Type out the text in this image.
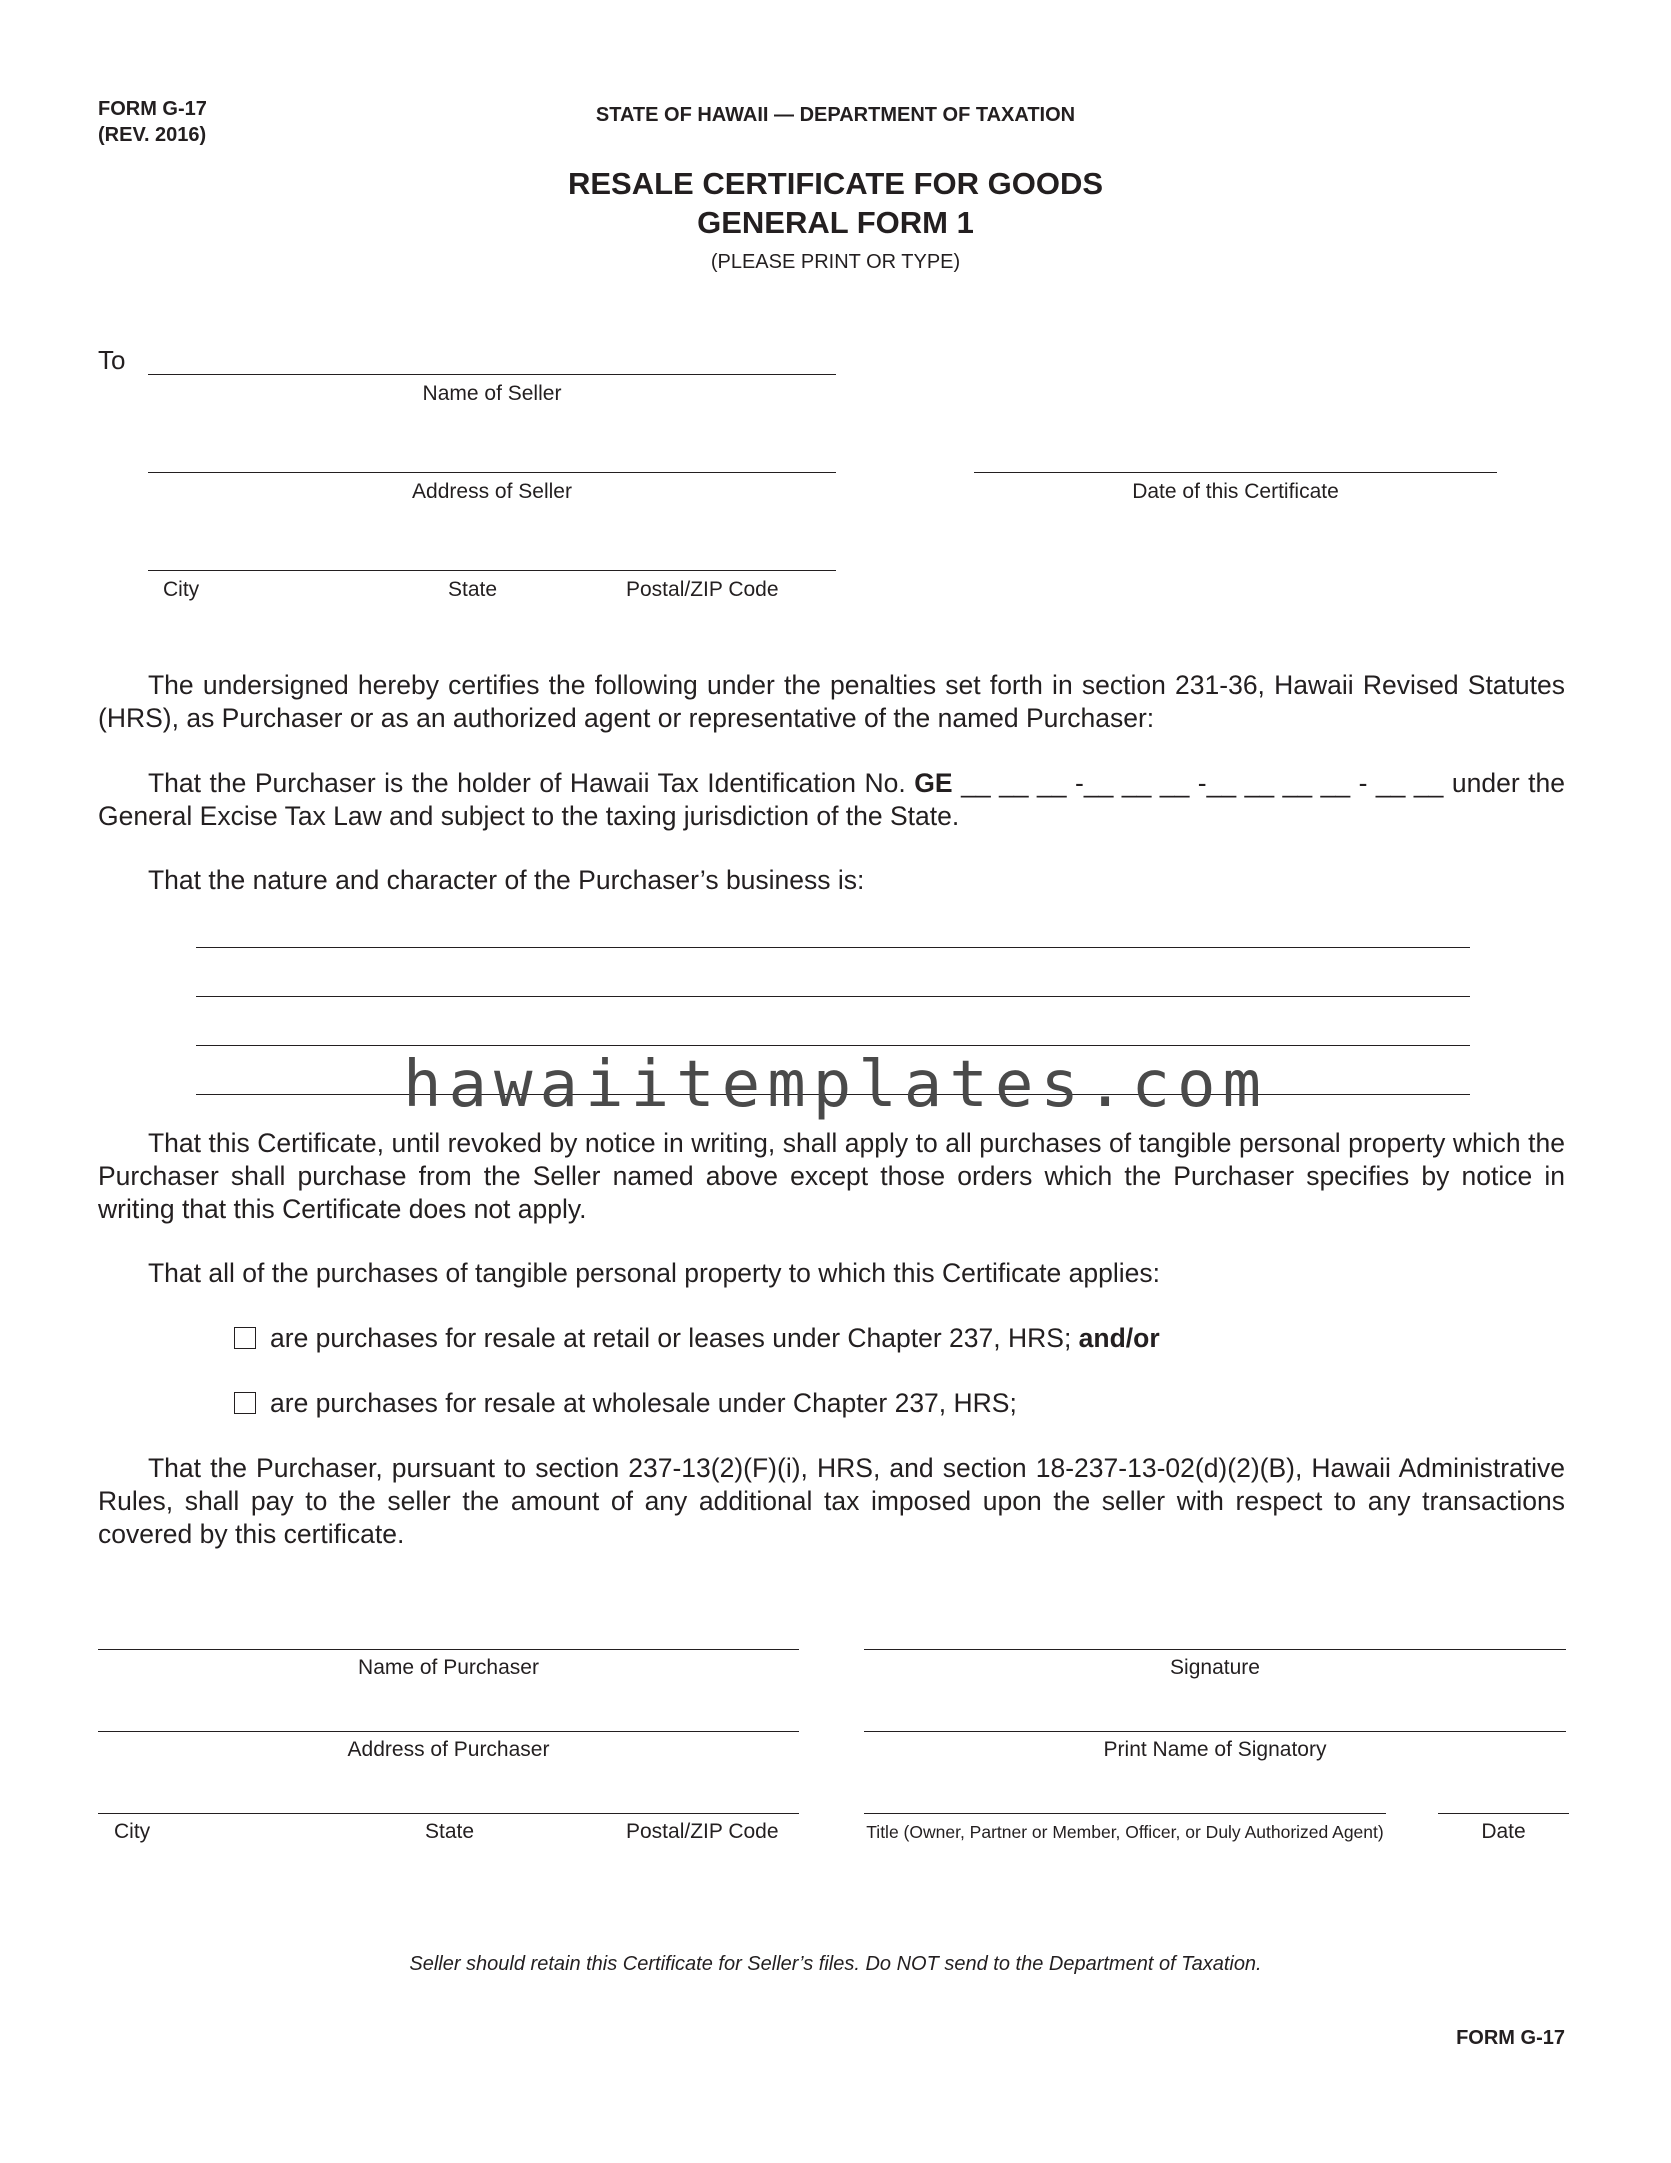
FORM G-17
(REV. 2016)
STATE OF HAWAII — DEPARTMENT OF TAXATION
RESALE CERTIFICATE FOR GOODS
GENERAL FORM 1
(PLEASE PRINT OR TYPE)
To
Name of Seller
Address of Seller	Date of this Certificate
City	State	Postal/ZIP Code
The undersigned hereby certifies the following under the penalties set forth in section 231-36, Hawaii Revised Statutes (HRS), as Purchaser or as an authorized agent or representative of the named Purchaser:
That the Purchaser is the holder of Hawaii Tax Identification No. GE __ __ __ -__ __ __ -__ __ __ __ - __ __ under the General Excise Tax Law and subject to the taxing jurisdiction of the State.
That the nature and character of the Purchaser’s business is:
hawaiitemplates.com
That this Certificate, until revoked by notice in writing, shall apply to all purchases of tangible personal property which the Purchaser shall purchase from the Seller named above except those orders which the Purchaser specifies by notice in writing that this Certificate does not apply.
That all of the purchases of tangible personal property to which this Certificate applies:
are purchases for resale at retail or leases under Chapter 237, HRS; and/or
are purchases for resale at wholesale under Chapter 237, HRS;
That the Purchaser, pursuant to section 237-13(2)(F)(i), HRS, and section 18-237-13-02(d)(2)(B), Hawaii Administrative Rules, shall pay to the seller the amount of any additional tax imposed upon the seller with respect to any transactions covered by this certificate.
Name of Purchaser	Signature
Address of Purchaser	Print Name of Signatory
City	State	Postal/ZIP Code	Title (Owner, Partner or Member, Officer, or Duly Authorized Agent)	Date
Seller should retain this Certificate for Seller’s files. Do NOT send to the Department of Taxation.
FORM G-17
